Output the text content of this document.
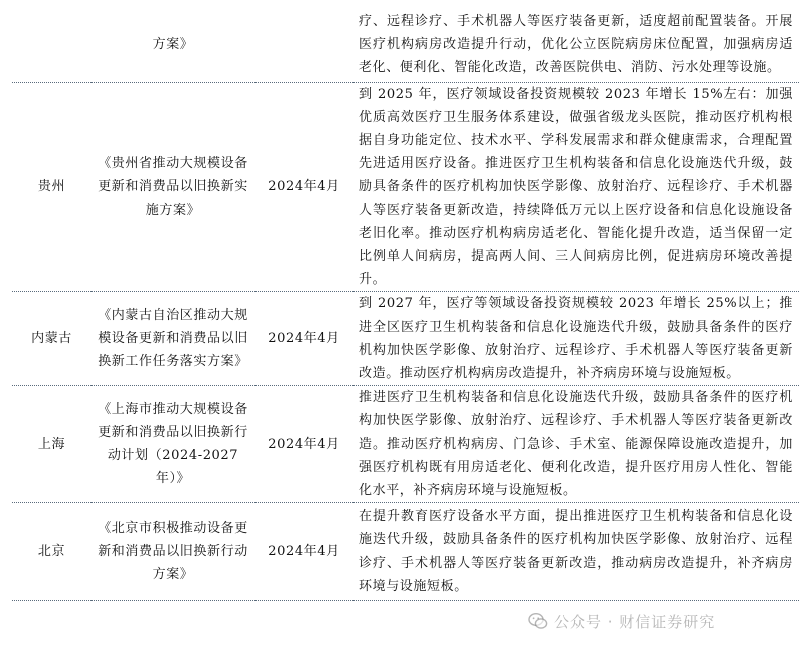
	方案》		疗、远程诊疗、手术机器人等医疗装备更新，适度超前配置装备。开展医疗机构病房改造提升行动，优化公立医院病房床位配置，加强病房适老化、便利化、智能化改造，改善医院供电、消防、污水处理等设施。
贵州	《贵州省推动大规模设备更新和消费品以旧换新实施方案》	2024年4月	到 2025 年，医疗领域设备投资规模较 2023 年增长 15%左右：加强优质高效医疗卫生服务体系建设，做强省级龙头医院，推动医疗机构根据自身功能定位、技术水平、学科发展需求和群众健康需求，合理配置先进适用医疗设备。推进医疗卫生机构装备和信息化设施迭代升级，鼓励具备条件的医疗机构加快医学影像、放射治疗、远程诊疗、手术机器人等医疗装备更新改造，持续降低万元以上医疗设备和信息化设施设备老旧化率。推动医疗机构病房适老化、智能化提升改造，适当保留一定比例单人间病房，提高两人间、三人间病房比例，促进病房环境改善提升。
内蒙古	《内蒙古自治区推动大规模设备更新和消费品以旧换新工作任务落实方案》	2024年4月	到 2027 年，医疗等领域设备投资规模较 2023 年增长 25%以上；推进全区医疗卫生机构装备和信息化设施迭代升级，鼓励具备条件的医疗机构加快医学影像、放射治疗、远程诊疗、手术机器人等医疗装备更新改造。推动医疗机构病房改造提升，补齐病房环境与设施短板。
上海	《上海市推动大规模设备更新和消费品以旧换新行动计划（2024-2027年）》	2024年4月	推进医疗卫生机构装备和信息化设施迭代升级，鼓励具备条件的医疗机构加快医学影像、放射治疗、远程诊疗、手术机器人等医疗装备更新改造。推动医疗机构病房、门急诊、手术室、能源保障设施改造提升，加强医疗机构既有用房适老化、便利化改造，提升医疗用房人性化、智能化水平，补齐病房环境与设施短板。
北京	《北京市积极推动设备更新和消费品以旧换新行动方案》	2024年4月	在提升教育医疗设备水平方面，提出推进医疗卫生机构装备和信息化设施迭代升级，鼓励具备条件的医疗机构加快医学影像、放射治疗、远程诊疗、手术机器人等医疗装备更新改造，推动病房改造提升，补齐病房环境与设施短板。
公众号 · 财信证券研究
